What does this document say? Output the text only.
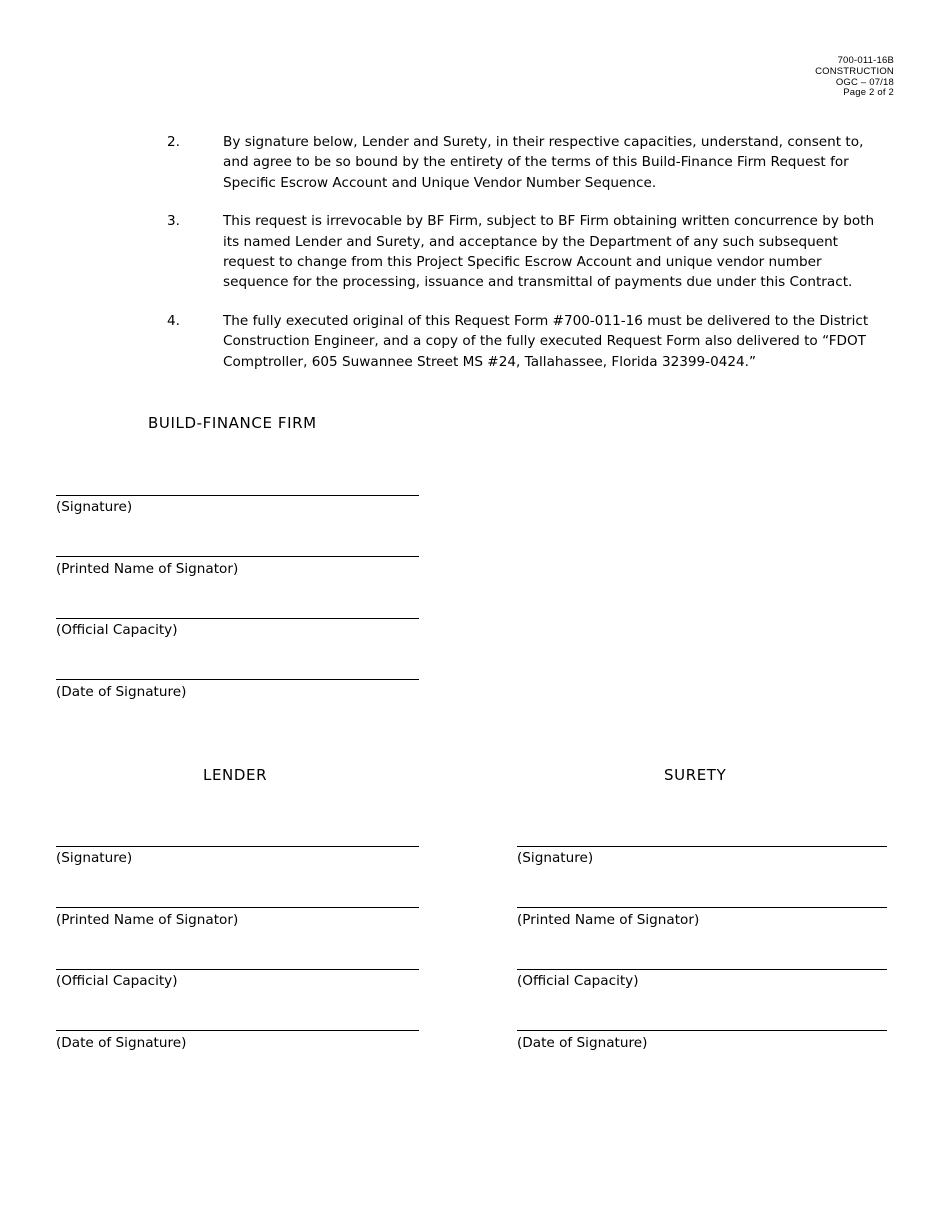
700-011-16B
CONSTRUCTION
OGC – 07/18
Page 2 of 2
2.	By signature below, Lender and Surety, in their respective capacities, understand, consent to, and agree to be so bound by the entirety of the terms of this Build-Finance Firm Request for Specific Escrow Account and Unique Vendor Number Sequence.
3.	This request is irrevocable by BF Firm, subject to BF Firm obtaining written concurrence by both its named Lender and Surety, and acceptance by the Department of any such subsequent request to change from this Project Specific Escrow Account and unique vendor number sequence for the processing, issuance and transmittal of payments due under this Contract.
4.	The fully executed original of this Request Form #700-011-16 must be delivered to the District Construction Engineer, and a copy of the fully executed Request Form also delivered to “FDOT Comptroller, 605 Suwannee Street MS #24, Tallahassee, Florida 32399-0424.”
BUILD-FINANCE FIRM
(Signature)
(Printed Name of Signator)
(Official Capacity)
(Date of Signature)
LENDER
(Signature)
(Printed Name of Signator)
(Official Capacity)
(Date of Signature)
SURETY
(Signature)
(Printed Name of Signator)
(Official Capacity)
(Date of Signature)
